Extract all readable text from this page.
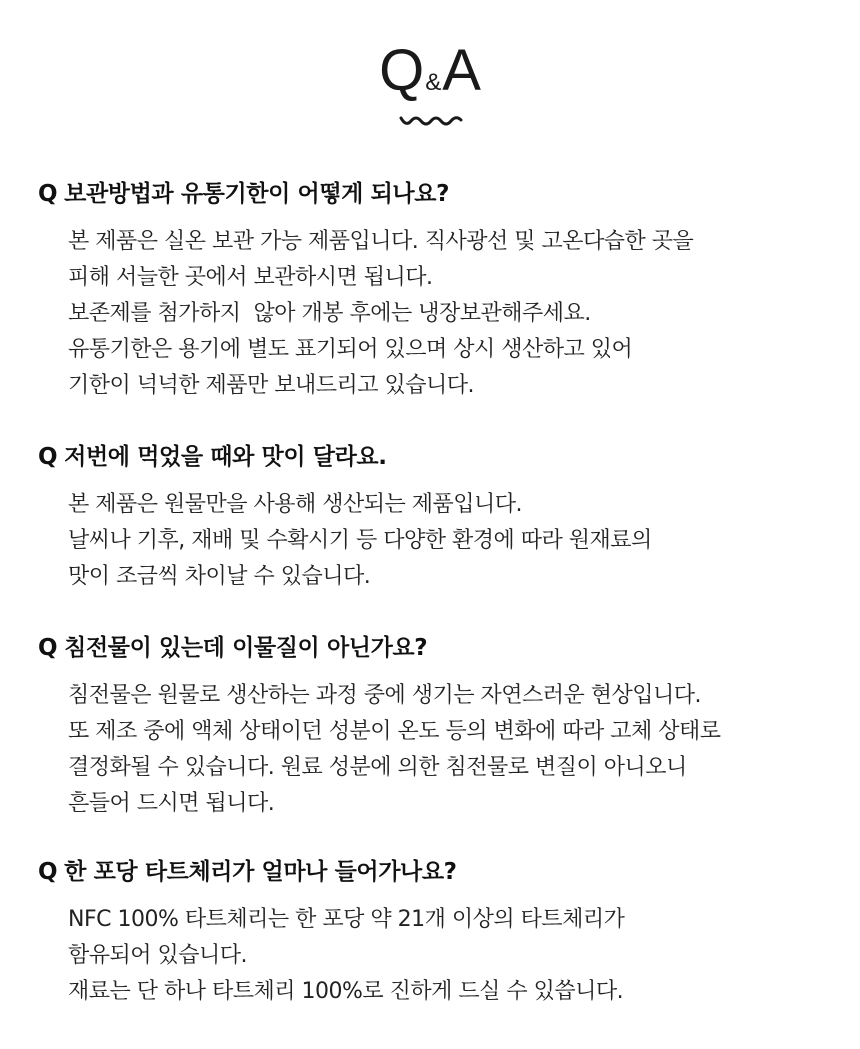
Q&A
Q 보관방법과 유통기한이 어떻게 되나요?
본 제품은 실온 보관 가능 제품입니다. 직사광선 및 고온다습한 곳을
피해 서늘한 곳에서 보관하시면 됩니다.
보존제를 첨가하지  않아 개봉 후에는 냉장보관해주세요.
유통기한은 용기에 별도 표기되어 있으며 상시 생산하고 있어
기한이 넉넉한 제품만 보내드리고 있습니다.
Q 저번에 먹었을 때와 맛이 달라요.
본 제품은 원물만을 사용해 생산되는 제품입니다.
날씨나 기후, 재배 및 수확시기 등 다양한 환경에 따라 원재료의
맛이 조금씩 차이날 수 있습니다.
Q 침전물이 있는데 이물질이 아닌가요?
침전물은 원물로 생산하는 과정 중에 생기는 자연스러운 현상입니다.
또 제조 중에 액체 상태이던 성분이 온도 등의 변화에 따라 고체 상태로
결정화될 수 있습니다. 원료 성분에 의한 침전물로 변질이 아니오니
흔들어 드시면 됩니다.
Q 한 포당 타트체리가 얼마나 들어가나요?
NFC 100% 타트체리는 한 포당 약 21개 이상의 타트체리가
함유되어 있습니다.
재료는 단 하나 타트체리 100%로 진하게 드실 수 있씁니다.
